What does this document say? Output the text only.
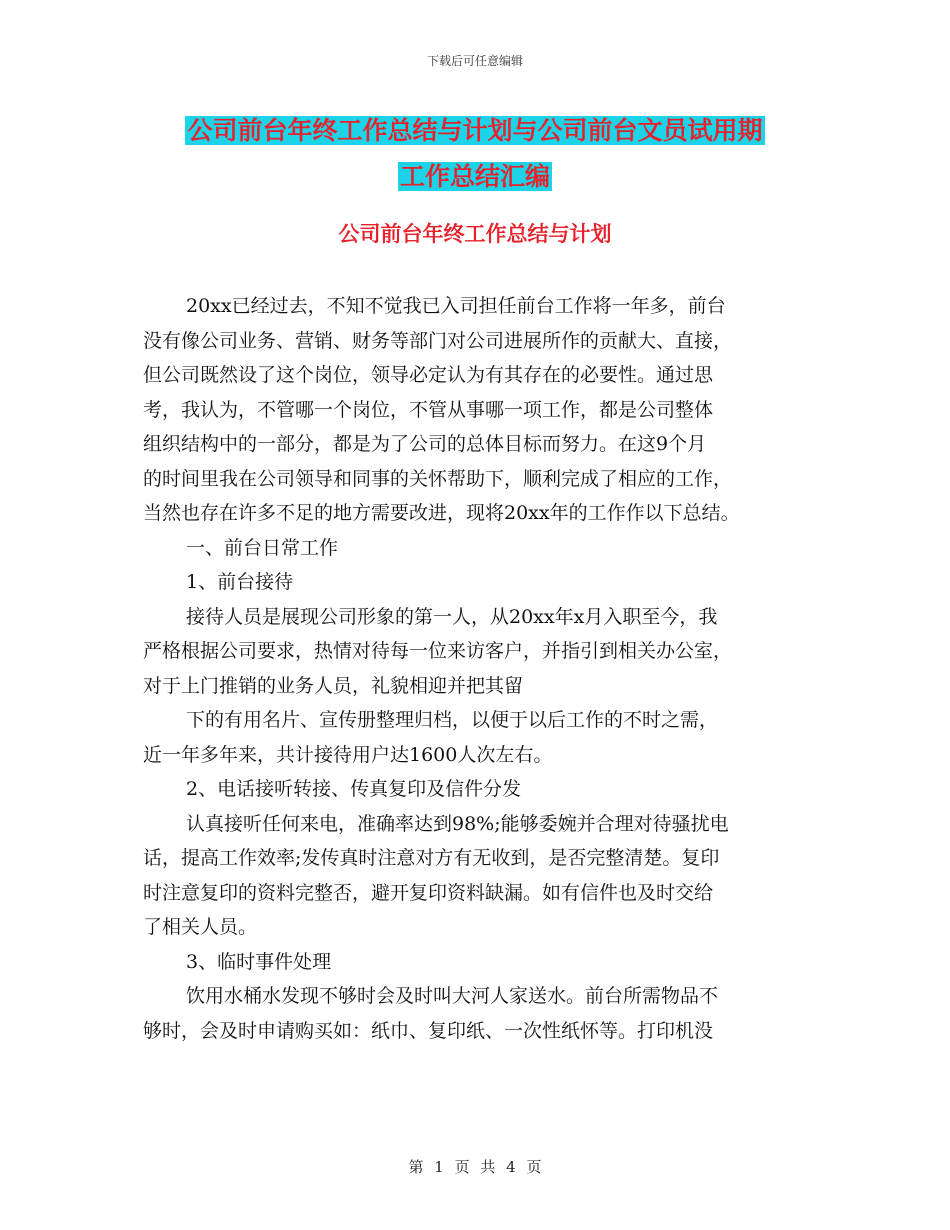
下载后可任意编辑
公司前台年终工作总结与计划与公司前台文员试用期
工作总结汇编
公司前台年终工作总结与计划
20xx已经过去，不知不觉我已入司担任前台工作将一年多，前台
没有像公司业务、营销、财务等部门对公司进展所作的贡献大、直接，
但公司既然设了这个岗位，领导必定认为有其存在的必要性。通过思
考，我认为，不管哪一个岗位，不管从事哪一项工作，都是公司整体
组织结构中的一部分，都是为了公司的总体目标而努力。在这9个月
的时间里我在公司领导和同事的关怀帮助下，顺利完成了相应的工作，
当然也存在许多不足的地方需要改进，现将20xx年的工作作以下总结。
一、前台日常工作
1、前台接待
接待人员是展现公司形象的第一人，从20xx年x月入职至今，我
严格根据公司要求，热情对待每一位来访客户，并指引到相关办公室，
对于上门推销的业务人员，礼貌相迎并把其留
下的有用名片、宣传册整理归档，以便于以后工作的不时之需，
近一年多年来，共计接待用户达1600人次左右。
2、电话接听转接、传真复印及信件分发
认真接听任何来电，准确率达到98%;能够委婉并合理对待骚扰电
话，提高工作效率;发传真时注意对方有无收到，是否完整清楚。复印
时注意复印的资料完整否，避开复印资料缺漏。如有信件也及时交给
了相关人员。
3、临时事件处理
饮用水桶水发现不够时会及时叫大河人家送水。前台所需物品不
够时，会及时申请购买如：纸巾、复印纸、一次性纸怀等。打印机没
第 1 页 共 4 页
